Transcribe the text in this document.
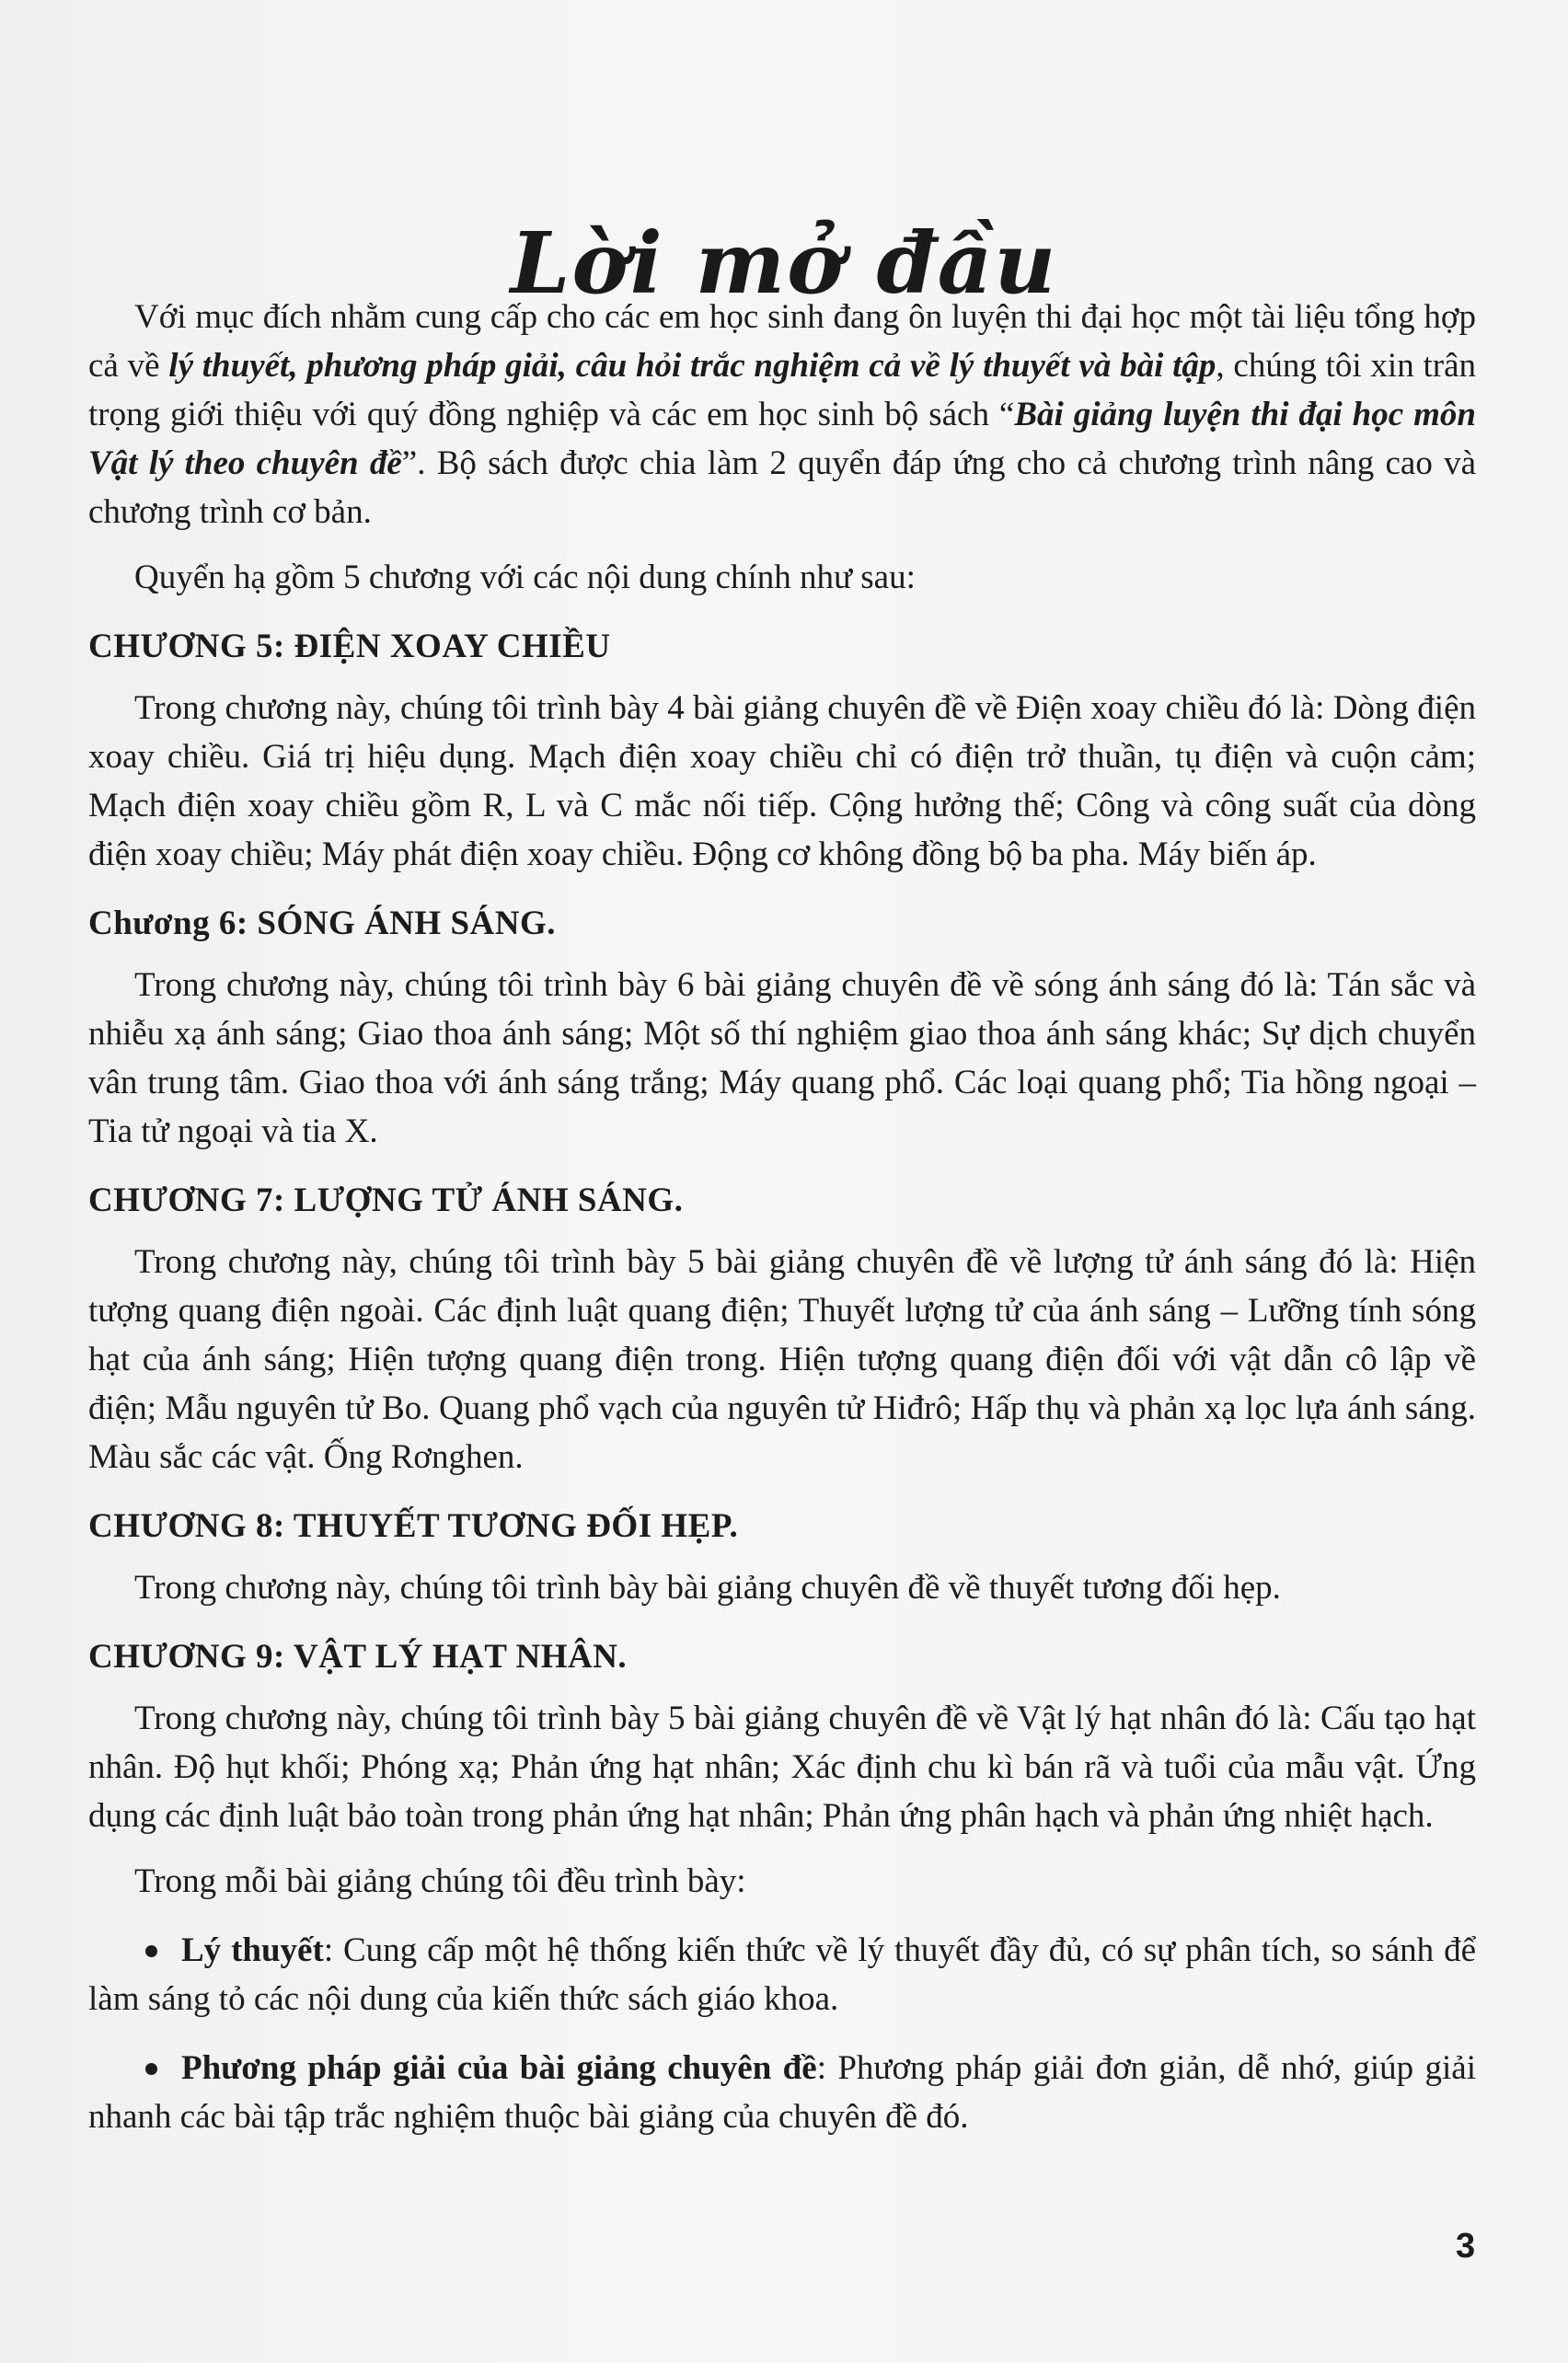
Lời mở đầu

Với mục đích nhằm cung cấp cho các em học sinh đang ôn luyện thi đại học một tài liệu tổng hợp cả về lý thuyết, phương pháp giải, câu hỏi trắc nghiệm cả về lý thuyết và bài tập, chúng tôi xin trân trọng giới thiệu với quý đồng nghiệp và các em học sinh bộ sách “Bài giảng luyện thi đại học môn Vật lý theo chuyên đề”. Bộ sách được chia làm 2 quyển đáp ứng cho cả chương trình nâng cao và chương trình cơ bản.

Quyển hạ gồm 5 chương với các nội dung chính như sau:

CHƯƠNG 5: ĐIỆN XOAY CHIỀU

Trong chương này, chúng tôi trình bày 4 bài giảng chuyên đề về Điện xoay chiều đó là: Dòng điện xoay chiều. Giá trị hiệu dụng. Mạch điện xoay chiều chỉ có điện trở thuần, tụ điện và cuộn cảm; Mạch điện xoay chiều gồm R, L và C mắc nối tiếp. Cộng hưởng thế; Công và công suất của dòng điện xoay chiều; Máy phát điện xoay chiều. Động cơ không đồng bộ ba pha. Máy biến áp.

Chương 6: SÓNG ÁNH SÁNG.

Trong chương này, chúng tôi trình bày 6 bài giảng chuyên đề về sóng ánh sáng đó là: Tán sắc và nhiễu xạ ánh sáng; Giao thoa ánh sáng; Một số thí nghiệm giao thoa ánh sáng khác; Sự dịch chuyển vân trung tâm. Giao thoa với ánh sáng trắng; Máy quang phổ. Các loại quang phổ; Tia hồng ngoại – Tia tử ngoại và tia X.

CHƯƠNG 7: LƯỢNG TỬ ÁNH SÁNG.

Trong chương này, chúng tôi trình bày 5 bài giảng chuyên đề về lượng tử ánh sáng đó là: Hiện tượng quang điện ngoài. Các định luật quang điện; Thuyết lượng tử của ánh sáng – Lưỡng tính sóng hạt của ánh sáng; Hiện tượng quang điện trong. Hiện tượng quang điện đối với vật dẫn cô lập về điện; Mẫu nguyên tử Bo. Quang phổ vạch của nguyên tử Hiđrô; Hấp thụ và phản xạ lọc lựa ánh sáng. Màu sắc các vật. Ống Rơnghen.

CHƯƠNG 8: THUYẾT TƯƠNG ĐỐI HẸP.

Trong chương này, chúng tôi trình bày bài giảng chuyên đề về thuyết tương đối hẹp.

CHƯƠNG 9: VẬT LÝ HẠT NHÂN.

Trong chương này, chúng tôi trình bày 5 bài giảng chuyên đề về Vật lý hạt nhân đó là: Cấu tạo hạt nhân. Độ hụt khối; Phóng xạ; Phản ứng hạt nhân; Xác định chu kì bán rã và tuổi của mẫu vật. Ứng dụng các định luật bảo toàn trong phản ứng hạt nhân; Phản ứng phân hạch và phản ứng nhiệt hạch.

Trong mỗi bài giảng chúng tôi đều trình bày:

Lý thuyết: Cung cấp một hệ thống kiến thức về lý thuyết đầy đủ, có sự phân tích, so sánh để làm sáng tỏ các nội dung của kiến thức sách giáo khoa.

Phương pháp giải của bài giảng chuyên đề: Phương pháp giải đơn giản, dễ nhớ, giúp giải nhanh các bài tập trắc nghiệm thuộc bài giảng của chuyên đề đó.

3
